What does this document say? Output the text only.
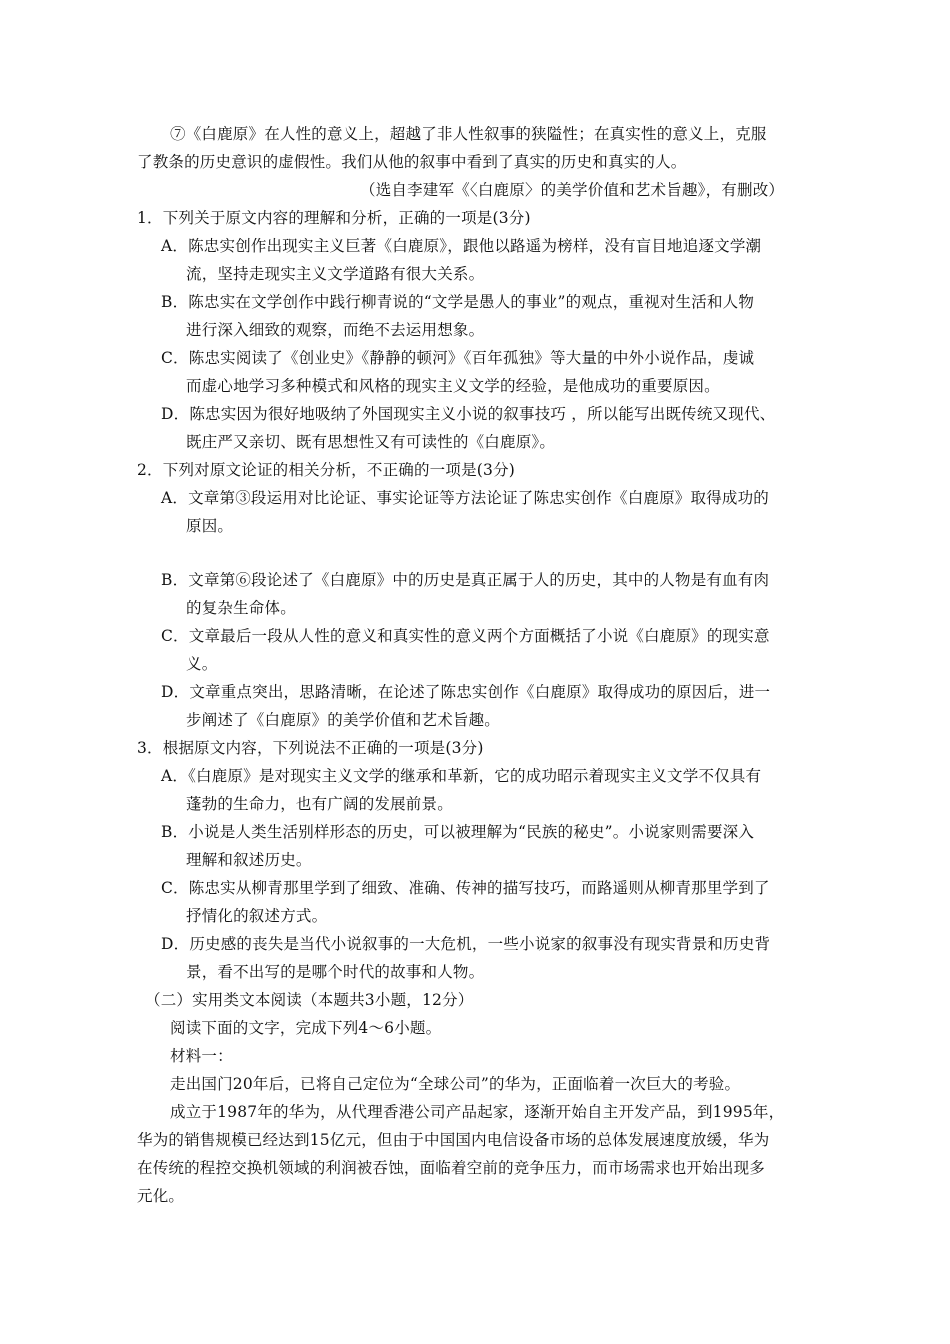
⑦《白鹿原》在人性的意义上，超越了非人性叙事的狭隘性；在真实性的意义上，克服
了教条的历史意识的虚假性。我们从他的叙事中看到了真实的历史和真实的人。
（选自李建军《〈白鹿原〉的美学价值和艺术旨趣》，有删改）
1．下列关于原文内容的理解和分析，正确的一项是(3分)
A．陈忠实创作出现实主义巨著《白鹿原》，跟他以路遥为榜样，没有盲目地追逐文学潮
流，坚持走现实主义文学道路有很大关系。
B．陈忠实在文学创作中践行柳青说的“文学是愚人的事业”的观点，重视对生活和人物
进行深入细致的观察，而绝不去运用想象。
C．陈忠实阅读了《创业史》《静静的顿河》《百年孤独》等大量的中外小说作品，虔诚
而虚心地学习多种模式和风格的现实主义文学的经验，是他成功的重要原因。
D．陈忠实因为很好地吸纳了外国现实主义小说的叙事技巧 ，所以能写出既传统又现代、
既庄严又亲切、既有思想性又有可读性的《白鹿原》。
2．下列对原文论证的相关分析，不正确的一项是(3分)
A．文章第③段运用对比论证、事实论证等方法论证了陈忠实创作《白鹿原》取得成功的
原因。
B．文章第⑥段论述了《白鹿原》中的历史是真正属于人的历史，其中的人物是有血有肉
的复杂生命体。
C．文章最后一段从人性的意义和真实性的意义两个方面概括了小说《白鹿原》的现实意
义。
D．文章重点突出，思路清晰，在论述了陈忠实创作《白鹿原》取得成功的原因后，进一
步阐述了《白鹿原》的美学价值和艺术旨趣。
3．根据原文内容，下列说法不正确的一项是(3分)
A．《白鹿原》是对现实主义文学的继承和革新，它的成功昭示着现实主义文学不仅具有
蓬勃的生命力，也有广阔的发展前景。
B．小说是人类生活别样形态的历史，可以被理解为“民族的秘史”。小说家则需要深入
理解和叙述历史。
C．陈忠实从柳青那里学到了细致、准确、传神的描写技巧，而路遥则从柳青那里学到了
抒情化的叙述方式。
D．历史感的丧失是当代小说叙事的一大危机，一些小说家的叙事没有现实背景和历史背
景，看不出写的是哪个时代的故事和人物。
（二）实用类文本阅读（本题共3小题，12分）
阅读下面的文字，完成下列4～6小题。
材料一：
走出国门20年后，已将自己定位为“全球公司”的华为，正面临着一次巨大的考验。
成立于1987年的华为，从代理香港公司产品起家，逐渐开始自主开发产品，到1995年，
华为的销售规模已经达到15亿元，但由于中国国内电信设备市场的总体发展速度放缓，华为
在传统的程控交换机领域的利润被吞蚀，面临着空前的竞争压力，而市场需求也开始出现多
元化。
